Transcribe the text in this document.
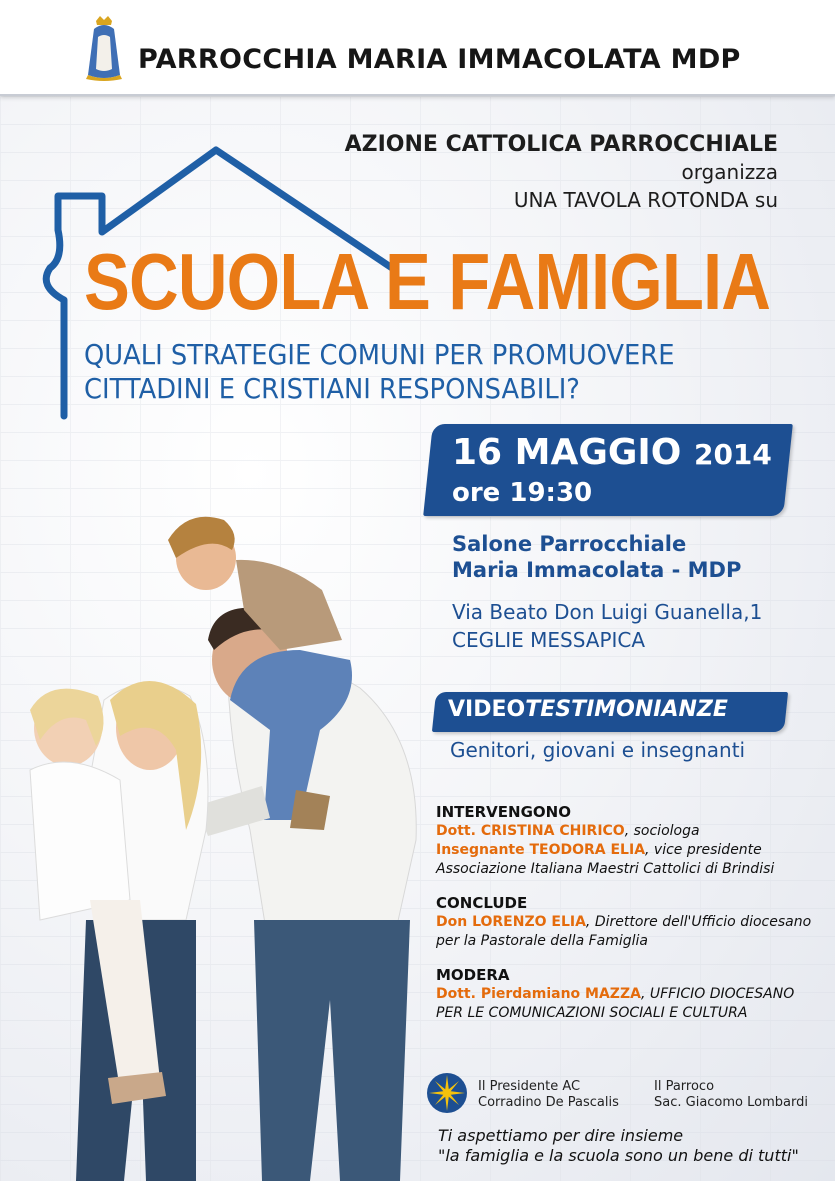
PARROCCHIA MARIA IMMACOLATA MDP
AZIONE CATTOLICA PARROCCHIALE
organizza
UNA TAVOLA ROTONDA su
SCUOLA E FAMIGLIA
QUALI STRATEGIE COMUNI PER PROMUOVERE
CITTADINI E CRISTIANI RESPONSABILI?
16 MAGGIO 2014
ore 19:30
Salone Parrocchiale
Maria Immacolata - MDP
Via Beato Don Luigi Guanella,1
CEGLIE MESSAPICA
VIDEOTESTIMONIANZE
Genitori, giovani e insegnanti
INTERVENGONO
Dott. CRISTINA CHIRICO, sociologa
Insegnante TEODORA ELIA, vice presidente
Associazione Italiana Maestri Cattolici di Brindisi
CONCLUDE
Don LORENZO ELIA, Direttore dell'Ufficio diocesano
per la Pastorale della Famiglia
MODERA
Dott. Pierdamiano MAZZA, UFFICIO DIOCESANO
PER LE COMUNICAZIONI SOCIALI E CULTURA
Il Presidente AC
Corradino De Pascalis
Il Parroco
Sac. Giacomo Lombardi
Ti aspettiamo per dire insieme
"la famiglia e la scuola sono un bene di tutti"
